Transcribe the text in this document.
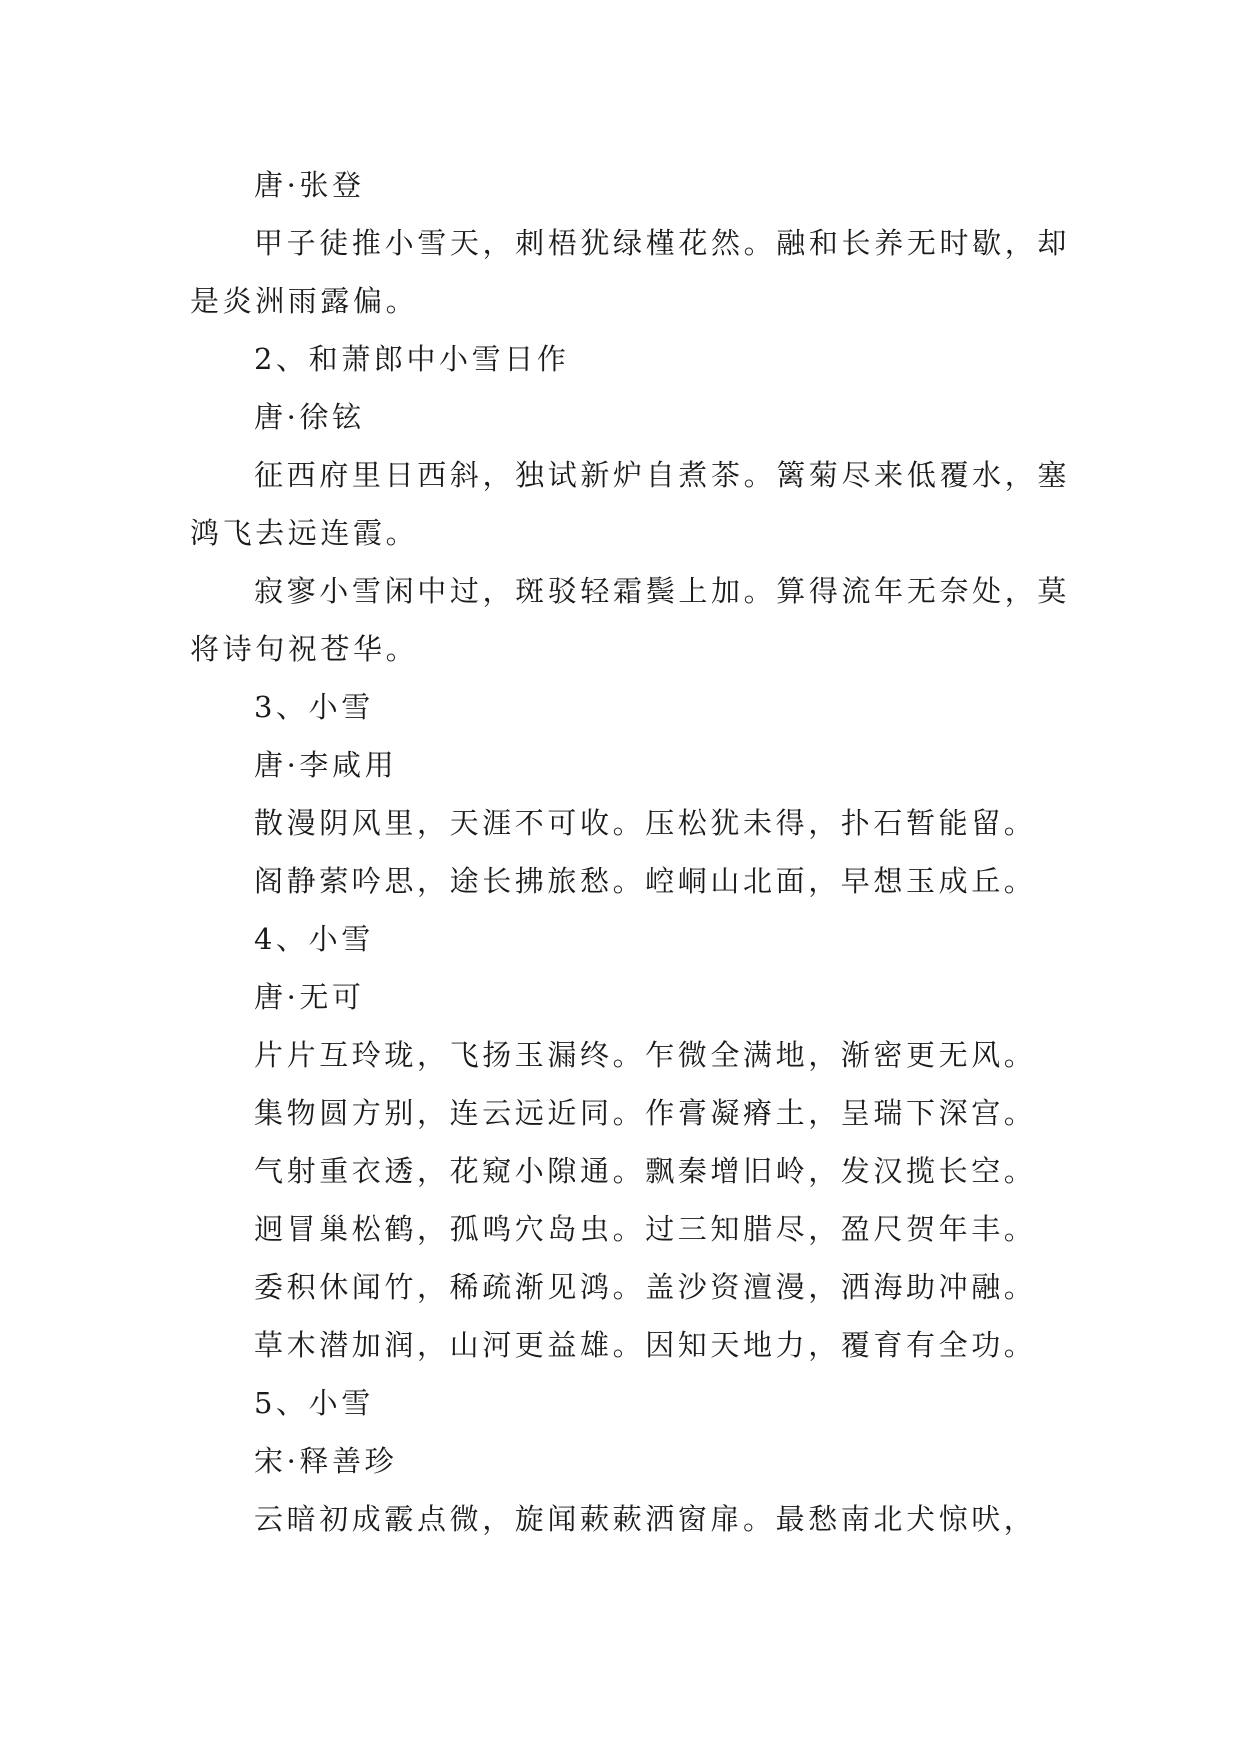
唐·张登

甲子徒推小雪天，刺梧犹绿槿花然。融和长养无时歇，却是炎洲雨露偏。

2、和萧郎中小雪日作

唐·徐铉

征西府里日西斜，独试新炉自煮茶。篱菊尽来低覆水，塞鸿飞去远连霞。

寂寥小雪闲中过，斑驳轻霜鬓上加。算得流年无奈处，莫将诗句祝苍华。

3、小雪

唐·李咸用

散漫阴风里，天涯不可收。压松犹未得，扑石暂能留。

阁静萦吟思，途长拂旅愁。崆峒山北面，早想玉成丘。

4、小雪

唐·无可

片片互玲珑，飞扬玉漏终。乍微全满地，渐密更无风。

集物圆方别，连云远近同。作膏凝瘠土，呈瑞下深宫。

气射重衣透，花窥小隙通。飘秦增旧岭，发汉揽长空。

迥冒巢松鹤，孤鸣穴岛虫。过三知腊尽，盈尺贺年丰。

委积休闻竹，稀疏渐见鸿。盖沙资澶漫，洒海助冲融。

草木潜加润，山河更益雄。因知天地力，覆育有全功。

5、小雪

宋·释善珍

云暗初成霰点微，旋闻蔌蔌洒窗扉。最愁南北犬惊吠，
